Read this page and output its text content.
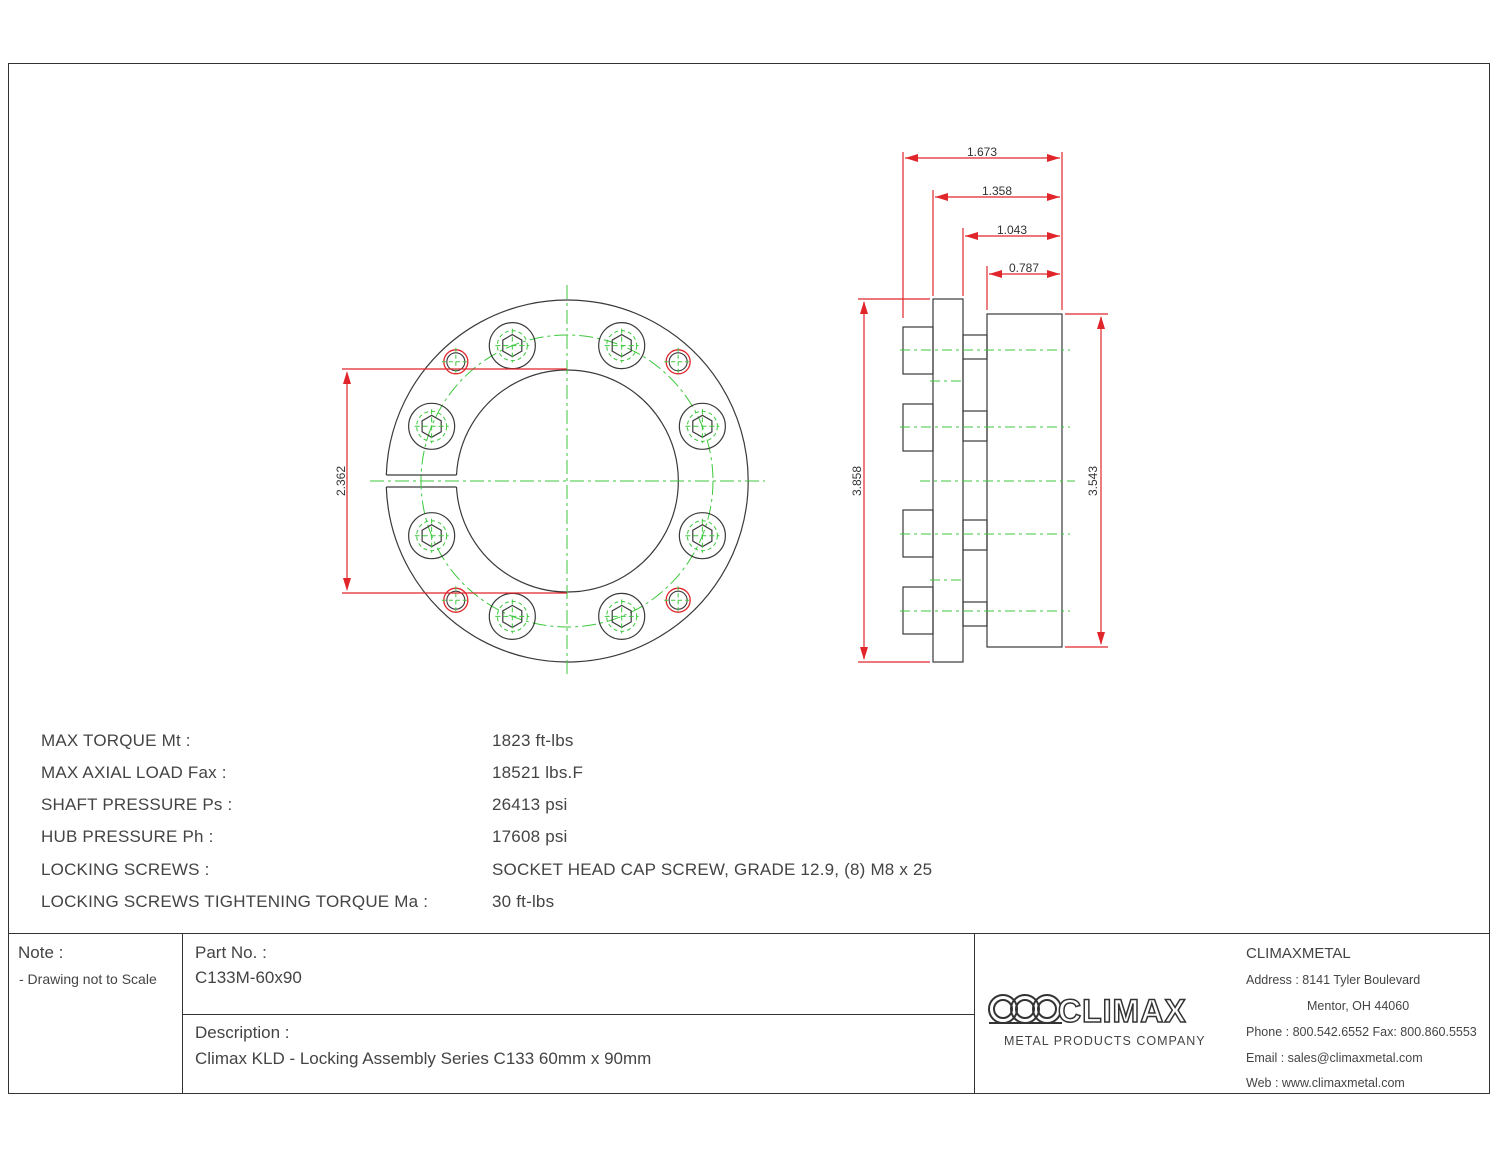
2.362
1.673
1.358
1.043
0.787
3.858	3.543
MAX TORQUE Mt :	1823 ft-lbs
MAX AXIAL LOAD Fax :	18521 lbs.F
SHAFT PRESSURE Ps :	26413 psi
HUB PRESSURE Ph :	17608 psi
LOCKING SCREWS :	SOCKET HEAD CAP SCREW, GRADE 12.9, (8) M8 x 25
LOCKING SCREWS TIGHTENING TORQUE Ma :	30 ft-lbs
Note :
- Drawing not to Scale
Part No. :
C133M-60x90
Description :
Climax KLD - Locking Assembly Series C133 60mm x 90mm
CLIMAX
METAL PRODUCTS COMPANY
CLIMAXMETAL
Address : 8141 Tyler Boulevard
Mentor, OH 44060
Phone : 800.542.6552 Fax: 800.860.5553
Email : sales@climaxmetal.com
Web : www.climaxmetal.com
